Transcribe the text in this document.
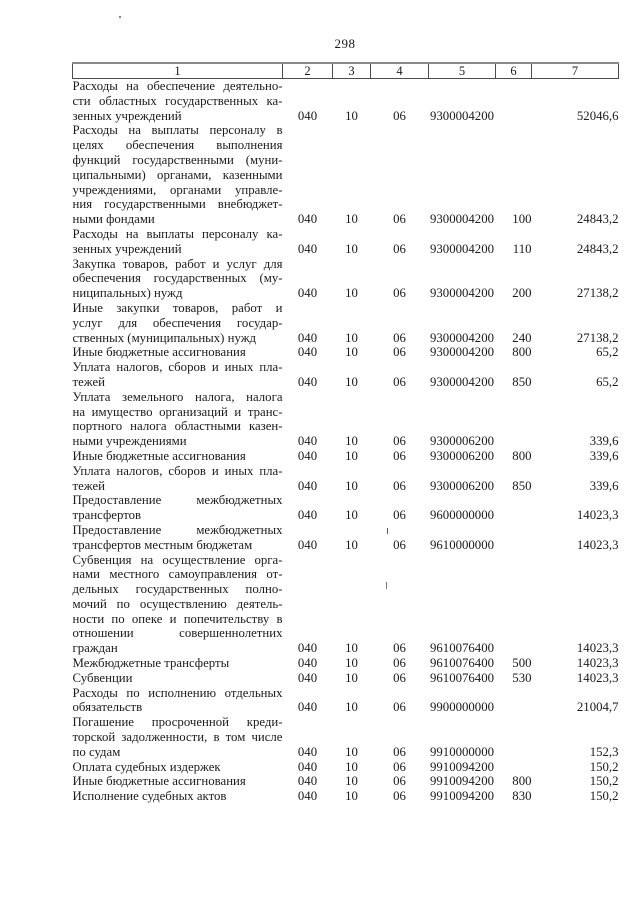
298
1	2	3	4	5	6	7

Расходы на обеспечение деятельно-
сти областных государственных ка-
зенных учреждений	040	10	06	9300004200		52046,6

Расходы на выплаты персоналу в
целях обеспечения выполнения
функций государственными (муни-
ципальными) органами, казенными
учреждениями, органами управле-
ния государственными внебюджет-
ными фондами	040	10	06	9300004200	100	24843,2

Расходы на выплаты персоналу ка-
зенных учреждений	040	10	06	9300004200	110	24843,2

Закупка товаров, работ и услуг для
обеспечения государственных (му-
ниципальных) нужд	040	10	06	9300004200	200	27138,2

Иные закупки товаров, работ и
услуг для обеспечения государ-
ственных (муниципальных) нужд	040	10	06	9300004200	240	27138,2

Иные бюджетные ассигнования	040	10	06	9300004200	800	65,2

Уплата налогов, сборов и иных пла-
тежей	040	10	06	9300004200	850	65,2

Уплата земельного налога, налога
на имущество организаций и транс-
портного налога областными казен-
ными учреждениями	040	10	06	9300006200		339,6

Иные бюджетные ассигнования	040	10	06	9300006200	800	339,6

Уплата налогов, сборов и иных пла-
тежей	040	10	06	9300006200	850	339,6

Предоставление межбюджетных
трансфертов	040	10	06	9600000000		14023,3

Предоставление межбюджетных
трансфертов местным бюджетам	040	10	06	9610000000		14023,3

Субвенция на осуществление орга-
нами местного самоуправления от-
дельных государственных полно-
мочий по осуществлению деятель-
ности по опеке и попечительству в
отношении совершеннолетних
граждан	040	10	06	9610076400		14023,3

Межбюджетные трансферты	040	10	06	9610076400	500	14023,3

Субвенции	040	10	06	9610076400	530	14023,3

Расходы по исполнению отдельных
обязательств	040	10	06	9900000000		21004,7

Погашение просроченной креди-
торской задолженности, в том числе
по судам	040	10	06	9910000000		152,3

Оплата судебных издержек	040	10	06	9910094200		150,2

Иные бюджетные ассигнования	040	10	06	9910094200	800	150,2

Исполнение судебных актов	040	10	06	9910094200	830	150,2
